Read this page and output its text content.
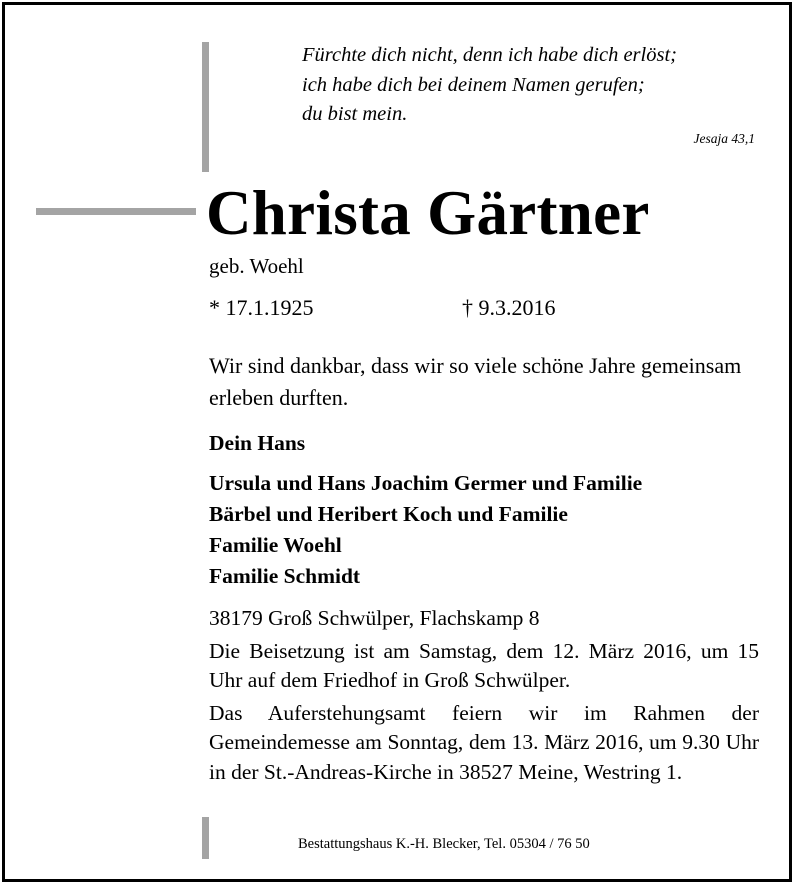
Fürchte dich nicht, denn ich habe dich erlöst;
ich habe dich bei deinem Namen gerufen;
du bist mein.
Jesaja 43,1
Christa Gärtner
geb. Woehl
* 17.1.1925	† 9.3.2016
Wir sind dankbar, dass wir so viele schöne Jahre gemeinsam erleben durften.
Dein Hans
Ursula und Hans Joachim Germer und Familie
Bärbel und Heribert Koch und Familie
Familie Woehl
Familie Schmidt

38179 Groß Schwülper, Flachskamp 8

Die Beisetzung ist am Samstag, dem 12. März 2016, um 15 Uhr auf dem Friedhof in Groß Schwülper.

Das Auferstehungsamt feiern wir im Rahmen der Gemeindemesse am Sonntag, dem 13. März 2016, um 9.30 Uhr in der St.-Andreas-Kirche in 38527 Meine, Westring 1.

Bestattungshaus K.-H. Blecker, Tel. 05304 / 76 50
